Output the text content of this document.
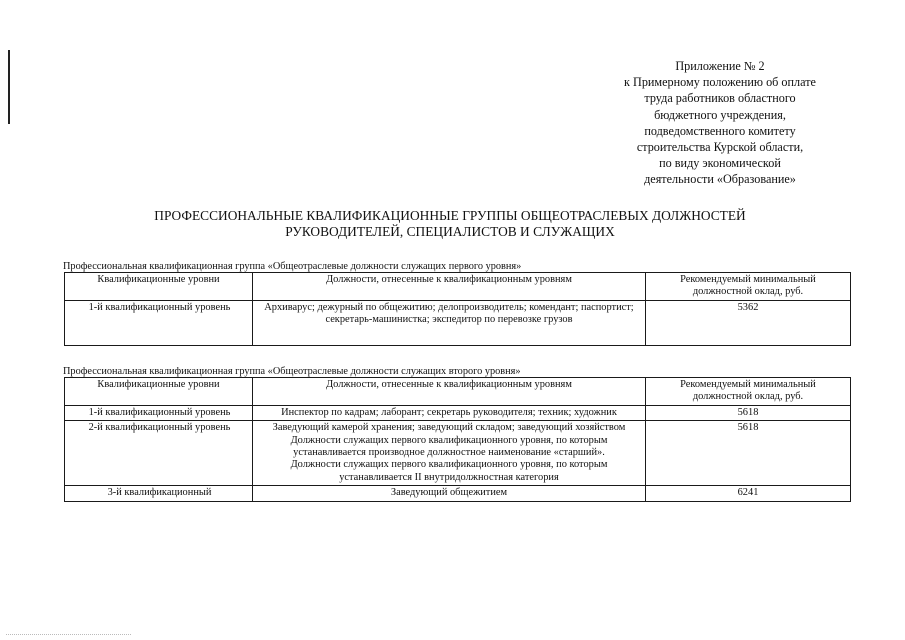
Приложение № 2
к Примерному положению об оплате
труда работников областного
бюджетного учреждения,
подведомственного комитету
строительства Курской области,
по виду экономической
деятельности «Образование»
ПРОФЕССИОНАЛЬНЫЕ КВАЛИФИКАЦИОННЫЕ ГРУППЫ ОБЩЕОТРАСЛЕВЫХ ДОЛЖНОСТЕЙ
РУКОВОДИТЕЛЕЙ, СПЕЦИАЛИСТОВ И СЛУЖАЩИХ
Профессиональная квалификационная группа «Общеотраслевые должности служащих первого уровня»
Квалификационные уровни	Должности, отнесенные к квалификационным уровням	Рекомендуемый минимальный должностной оклад, руб.
1-й квалификационный уровень	Архиварус; дежурный по общежитию; делопроизводитель; комендант; паспортист; секретарь-машинистка; экспедитор по перевозке грузов	5362
Профессиональная квалификационная группа «Общеотраслевые должности служащих второго уровня»
Квалификационные уровни	Должности, отнесенные к квалификационным уровням	Рекомендуемый минимальный должностной оклад, руб.
1-й квалификационный уровень	Инспектор по кадрам; лаборант; секретарь руководителя; техник; художник	5618
2-й квалификационный уровень	Заведующий камерой хранения; заведующий складом; заведующий хозяйством
Должности служащих первого квалификационного уровня, по которым устанавливается производное должностное наименование «старший».
Должности служащих первого квалификационного уровня, по которым устанавливается II внутридолжностная категория	5618
3-й квалификационный	Заведующий общежитием	6241
